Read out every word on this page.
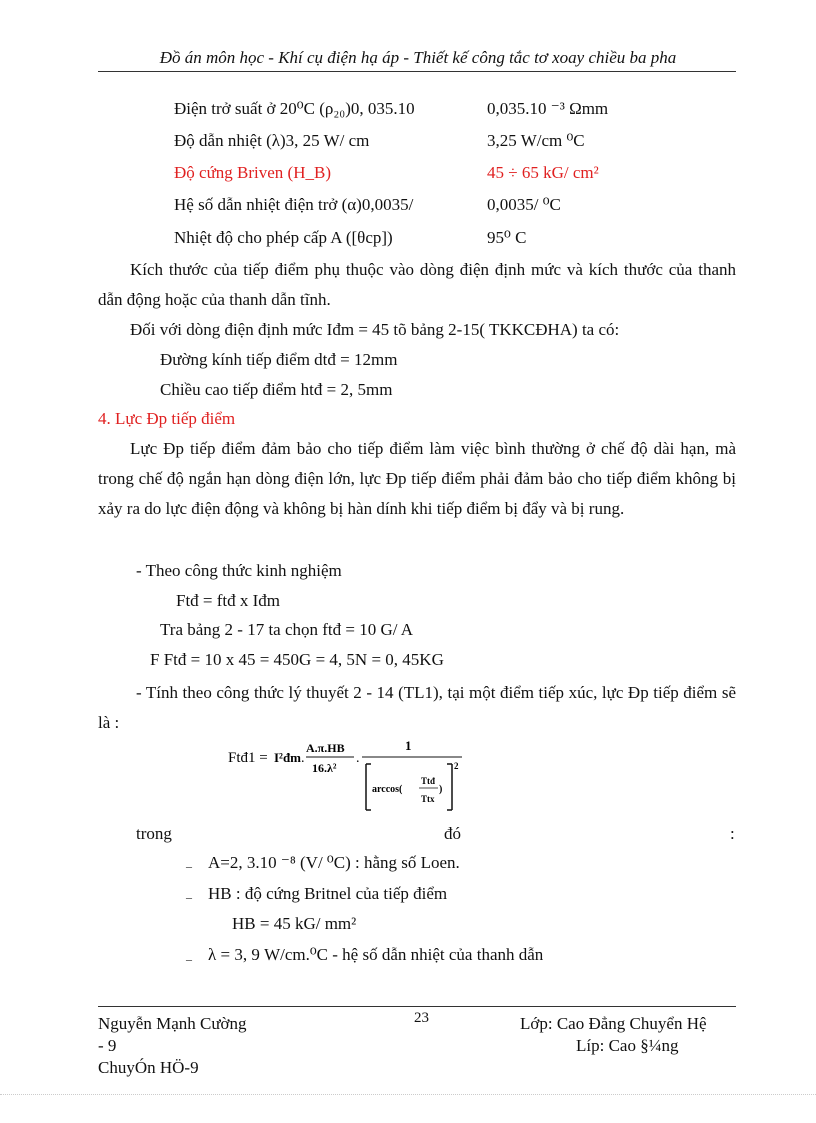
Đồ án môn học - Khí cụ điện hạ áp - Thiết kế công tắc tơ xoay chiều ba pha
Điện trở suất ở 20⁰C (ρ₂₀)0, 035.10	0,035.10 ⁻³ Ωmm
Độ dẫn nhiệt (λ)3, 25 W/ cm	3,25 W/cm ⁰C
Độ cứng Briven (H_B)	45 ÷ 65 kG/ cm²
Hệ số dẫn nhiệt điện trở (α)0,0035/	0,0035/ ⁰C
Nhiệt độ cho phép cấp A ([θcp])	95⁰ C
Kích thước của tiếp điểm phụ thuộc vào dòng điện định mức và kích thước của thanh dẫn động hoặc của thanh dẫn tĩnh.
Đối với dòng điện định mức Iđm = 45 tõ bảng 2-15( TKKCĐHA) ta có:
Đường kính tiếp điểm dtđ = 12mm
Chiều cao tiếp điểm htđ = 2, 5mm
4. Lực Đp tiếp điểm
Lực Đp tiếp điểm đảm bảo cho tiếp điểm làm việc bình thường ở chế độ dài hạn, mà trong chế độ ngắn hạn dòng điện lớn, lực Đp tiếp điểm phải đảm bảo cho tiếp điểm không bị xảy ra do lực điện động và không bị hàn dính khi tiếp điểm bị đẩy và bị rung.
- Theo công thức kinh nghiệm
Ftđ = ftđ x Iđm
Tra bảng 2 - 17 ta chọn ftđ = 10 G/ A
F Ftđ = 10 x 45 = 450G = 4, 5N = 0, 45KG
- Tính theo công thức lý thuyết 2 - 14 (TL1), tại một điểm tiếp xúc, lực Đp tiếp điểm sẽ là :
Ftđ1 = I²đm .
A.π.HB
16.λ²
.
1
arccos(
Ttđ
Ttx
)
2
trong	đó	:
‒ A=2, 3.10 ⁻⁸ (V/ ⁰C) : hằng số Loen.
‒ HB : độ cứng Britnel của tiếp điểm
HB = 45 kG/ mm²
‒ λ = 3, 9 W/cm.⁰C - hệ số dẫn nhiệt của thanh dẫn
Nguyễn Mạnh Cường
- 9
ChuyÓn HÖ-9
23	Lớp: Cao Đẳng Chuyển Hệ
Líp: Cao §¼ng
